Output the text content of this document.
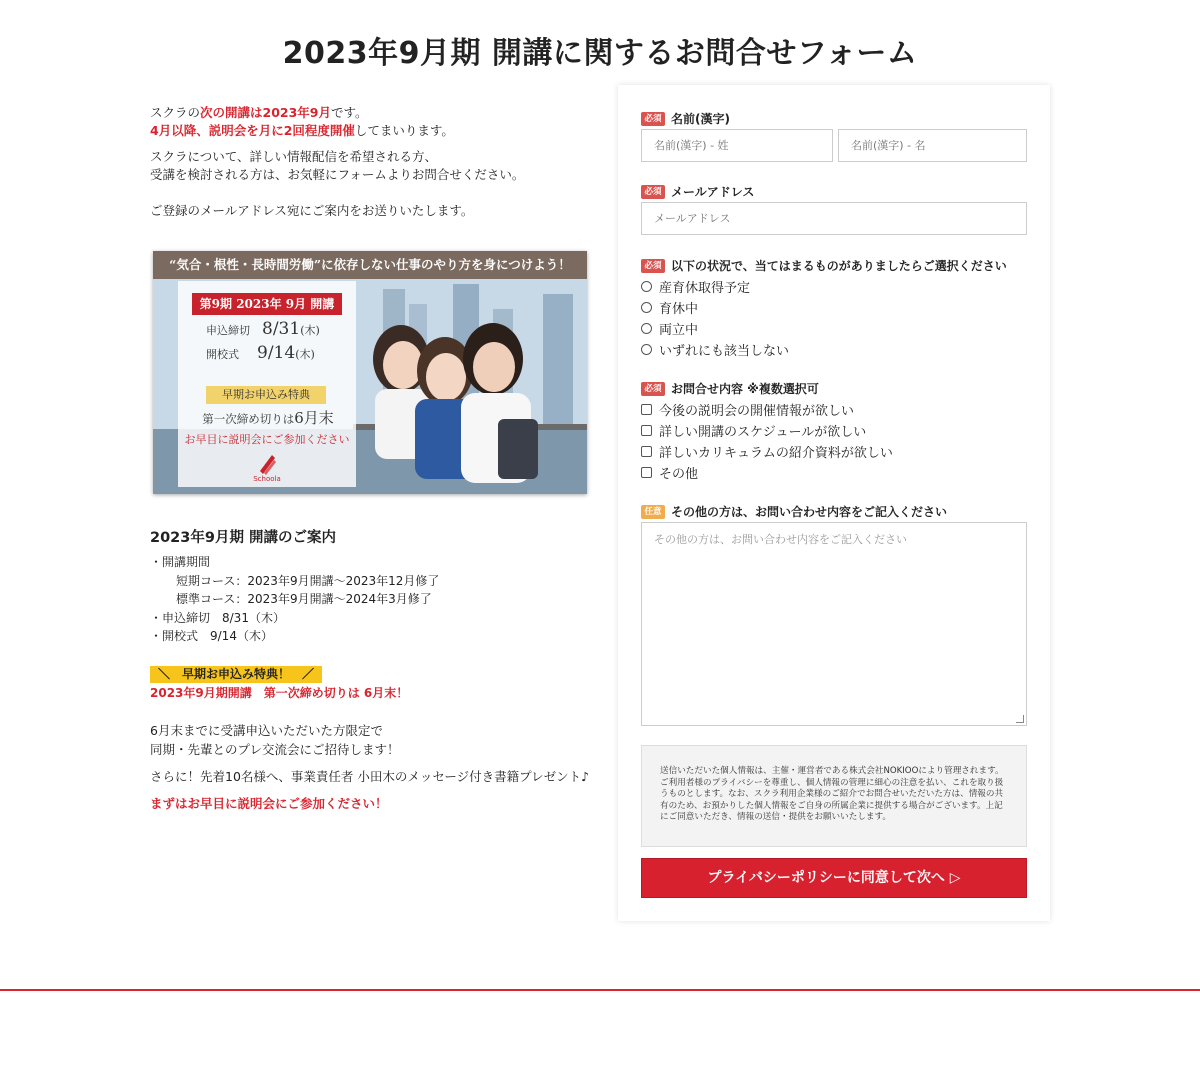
2023年9月期 開講に関するお問合せフォーム

スクラの次の開講は2023年9月です。

4月以降、説明会を月に2回程度開催してまいります。

スクラについて、詳しい情報配信を希望される方、

受講を検討される方は、お気軽にフォームよりお問合せください。

ご登録のメールアドレス宛にご案内をお送りいたします。

“気合・根性・長時間労働”に依存しない仕事のやり方を身につけよう！
第9期 2023年 9月 開講
申込締切 8/31(木)
開校式 9/14(木)
早期お申込み特典
第一次締め切りは6月末
お早目に説明会にご参加ください
Schoola
2023年9月期 開講のご案内
・開講期間
短期コース：2023年9月開講〜2023年12月修了
標準コース：2023年9月開講〜2024年3月修了
・申込締切　8/31（木）
・開校式　9/14（木）
＼　早期お申込み特典！　／
2023年9月期開講　第一次締め切りは 6月末！

6月末までに受講申込いただいた方限定で
同期・先輩とのプレ交流会にご招待します！

さらに！先着10名様へ、事業責任者 小田木のメッセージ付き書籍プレゼント♪

まずはお早目に説明会にご参加ください！

必須 名前(漢字)
名前(漢字) - 姓
名前(漢字) - 名
必須 メールアドレス
メールアドレス
必須 以下の状況で、当てはまるものがありましたらご選択ください
産育休取得予定
育休中
両立中
いずれにも該当しない
必須 お問合せ内容 ※複数選択可
今後の説明会の開催情報が欲しい
詳しい開講のスケジュールが欲しい
詳しいカリキュラムの紹介資料が欲しい
その他
任意 その他の方は、お問い合わせ内容をご記入ください
その他の方は、お問い合わせ内容をご記入ください
送信いただいた個人情報は、主催・運営者である株式会社NOKIOOにより管理されます。ご利用者様のプライバシーを尊重し、個人情報の管理に細心の注意を払い、これを取り扱うものとします。なお、スクラ利用企業様のご紹介でお問合せいただいた方は、情報の共有のため、お預かりした個人情報をご自身の所属企業に提供する場合がございます。上記にご同意いただき、情報の送信・提供をお願いいたします。
プライバシーポリシーに同意して次へ ▷
